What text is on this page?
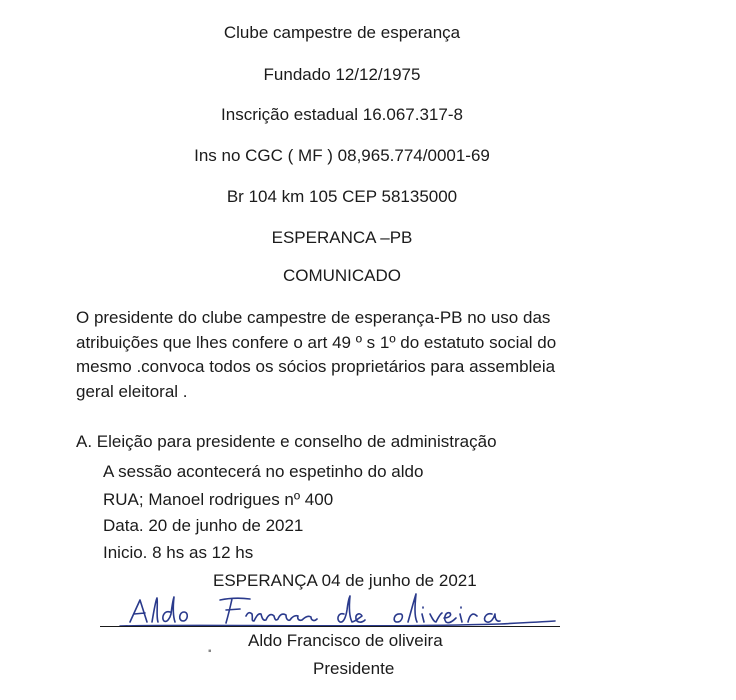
Clube campestre de esperança
Fundado 12/12/1975
Inscrição estadual 16.067.317-8
Ins no CGC ( MF ) 08,965.774/0001-69
Br 104 km 105 CEP 58135000
ESPERANCA –PB
COMUNICADO
O presidente do clube campestre de esperança-PB no uso das
atribuições que lhes confere o art 49 º s 1º do estatuto social do
mesmo .convoca todos os sócios proprietários para assembleia
geral eleitoral .
A. Eleição para presidente e conselho de administração
A sessão acontecerá no espetinho do aldo
RUA; Manoel rodrigues nº 400
Data. 20 de junho de 2021
Inicio. 8 hs as 12 hs
ESPERANÇA 04 de junho de 2021
▪
Aldo Francisco de oliveira
Presidente
